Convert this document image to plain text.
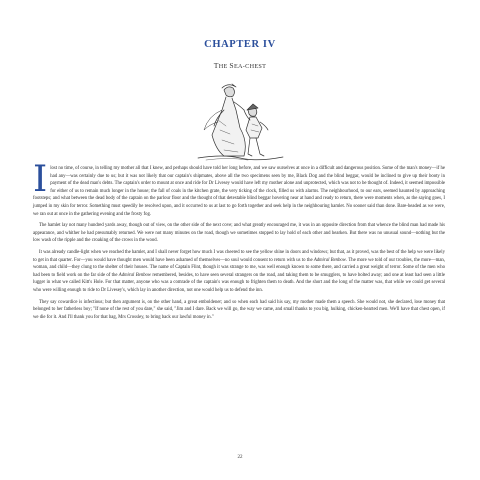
CHAPTER IV
THE SEA-CHEST

Ilost no time, of course, in telling my mother all that I knew, and perhaps should have told her long before, and we saw ourselves at once in a difficult and dangerous position. Some of the man's money—if he had any—was certainly due to us; but it was not likely that our captain's shipmates, above all the two specimens seen by me, Black Dog and the blind beggar, would be inclined to give up their booty in payment of the dead man's debts. The captain's order to mount at once and ride for Dr Livesey would have left my mother alone and unprotected, which was not to be thought of. Indeed, it seemed impossible for either of us to remain much longer in the house; the fall of coals in the kitchen grate, the very ticking of the clock, filled us with alarms. The neighbourhood, to our ears, seemed haunted by approaching footsteps; and what between the dead body of the captain on the parlour floor and the thought of that detestable blind beggar hovering near at hand and ready to return, there were moments when, as the saying goes, I jumped in my skin for terror. Something must speedily be resolved upon, and it occurred to us at last to go forth together and seek help in the neighbouring hamlet. No sooner said than done. Bare-headed as we were, we ran out at once in the gathering evening and the frosty fog.

The hamlet lay not many hundred yards away, though out of view, on the other side of the next cove; and what greatly encouraged me, it was in an opposite direction from that whence the blind man had made his appearance, and whither he had presumably returned. We were not many minutes on the road, though we sometimes stopped to lay hold of each other and hearken. But there was no unusual sound—nothing but the low wash of the ripple and the croaking of the crows in the wood.

It was already candle-light when we reached the hamlet, and I shall never forget how much I was cheered to see the yellow shine in doors and windows; but that, as it proved, was the best of the help we were likely to get in that quarter. For—you would have thought men would have been ashamed of themselves—no soul would consent to return with us to the Admiral Benbow. The more we told of our troubles, the more—man, woman, and child—they clung to the shelter of their houses. The name of Captain Flint, though it was strange to me, was well enough known to some there, and carried a great weight of terror. Some of the men who had been to field work on the far side of the Admiral Benbow remembered, besides, to have seen several strangers on the road, and taking them to be smugglers, to have bolted away; and one at least had seen a little lugger in what we called Kitt's Hole. For that matter, anyone who was a comrade of the captain's was enough to frighten them to death. And the short and the long of the matter was, that while we could get several who were willing enough to ride to Dr Livesey's, which lay in another direction, not one would help us to defend the inn.

They say cowardice is infectious; but then argument is, on the other hand, a great emboldener; and so when each had said his say, my mother made them a speech. She would not, she declared, lose money that belonged to her fatherless boy; "If none of the rest of you dare," she said, "Jim and I dare. Back we will go, the way we came, and small thanks to you big, hulking, chicken-hearted men. We'll have that chest open, if we die for it. And I'll thank you for that bag, Mrs Crossley, to bring back our lawful money in."

22
